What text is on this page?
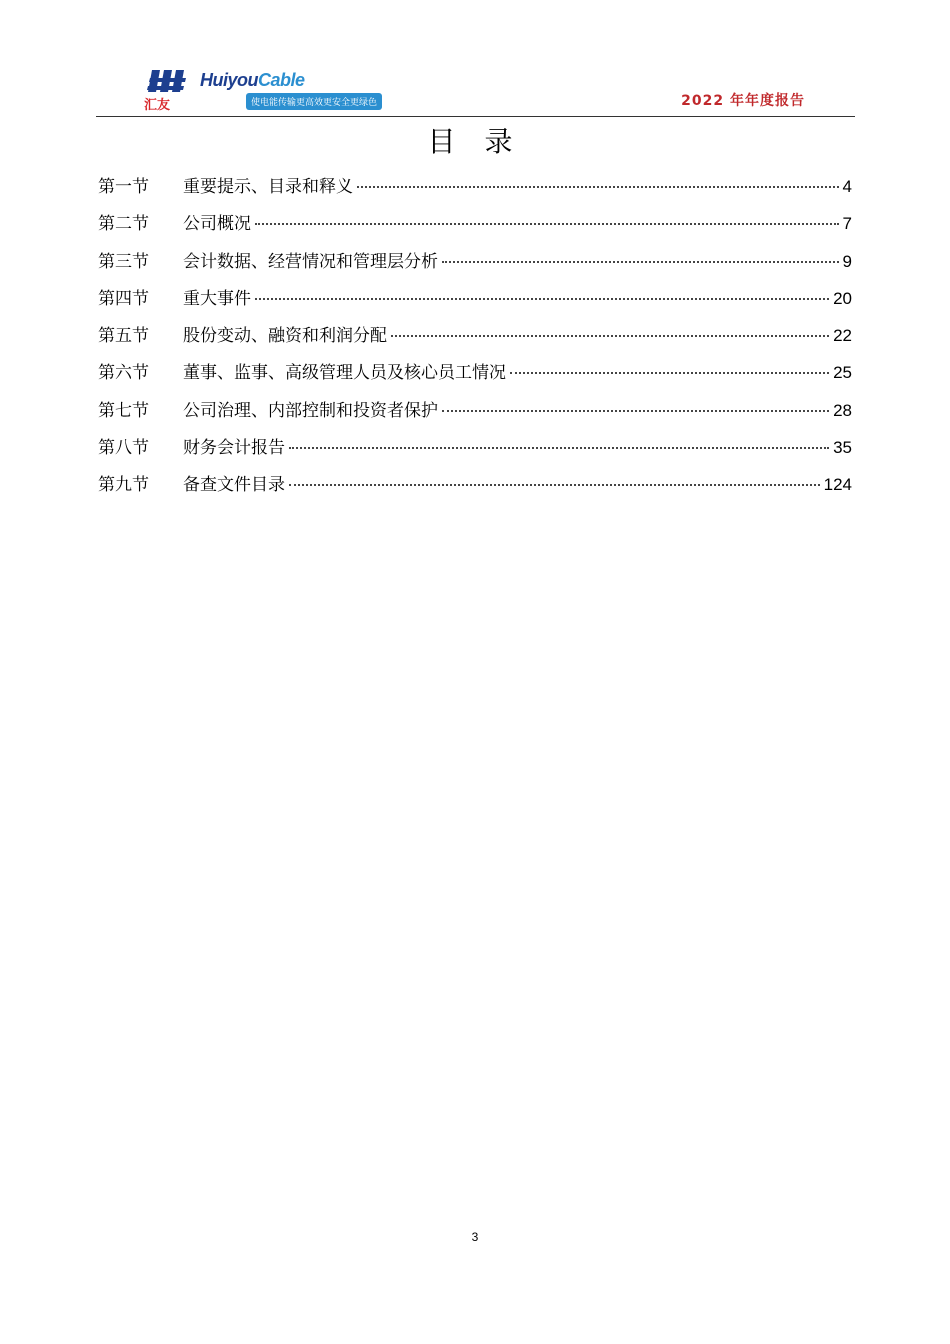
汇友
HuiyouCable
使电能传输更高效更安全更绿色	2022 年年度报告
目 录
第一节	重要提示、目录和释义	4
第二节	公司概况	7
第三节	会计数据、经营情况和管理层分析	9
第四节	重大事件	20
第五节	股份变动、融资和利润分配	22
第六节	董事、监事、高级管理人员及核心员工情况	25
第七节	公司治理、内部控制和投资者保护	28
第八节	财务会计报告	35
第九节	备查文件目录	124
3
